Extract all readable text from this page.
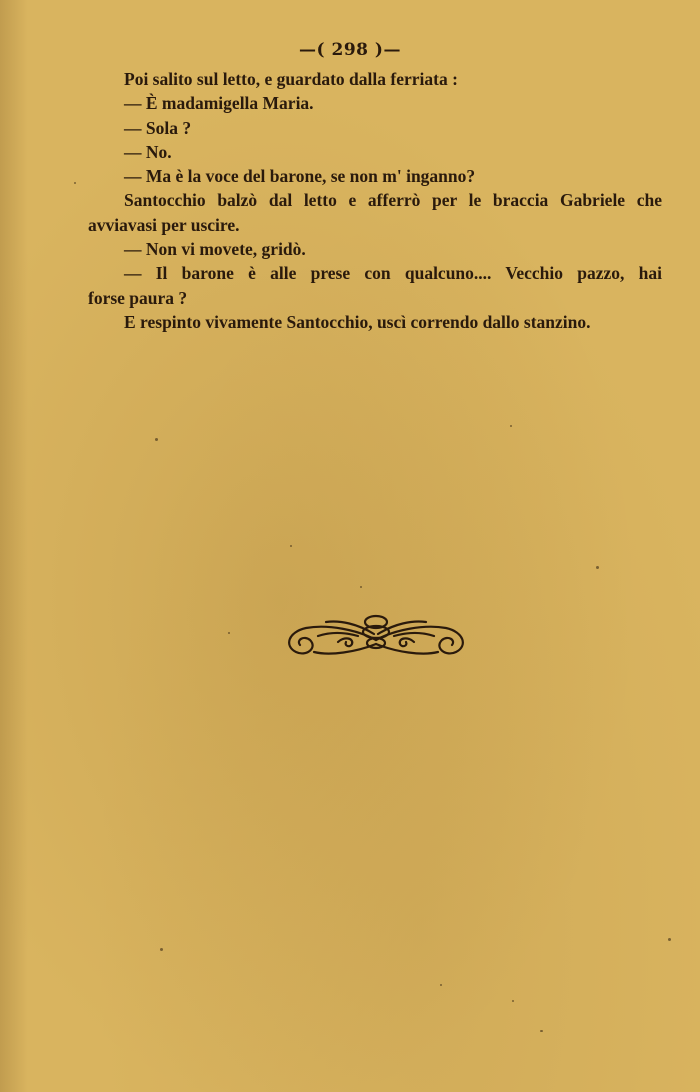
—( 298 )—
Poi salito sul letto, e guardato dalla ferriata :
— È madamigella Maria.
— Sola ?
— No.
— Ma è la voce del barone, se non m' inganno?
Santocchio balzò dal letto e afferrò per le braccia Gabriele che
avviavasi per uscire.
— Non vi movete, gridò.
— Il barone è alle prese con qualcuno.... Vecchio pazzo, hai
forse paura ?
E respinto vivamente Santocchio, uscì correndo dallo stanzino.
